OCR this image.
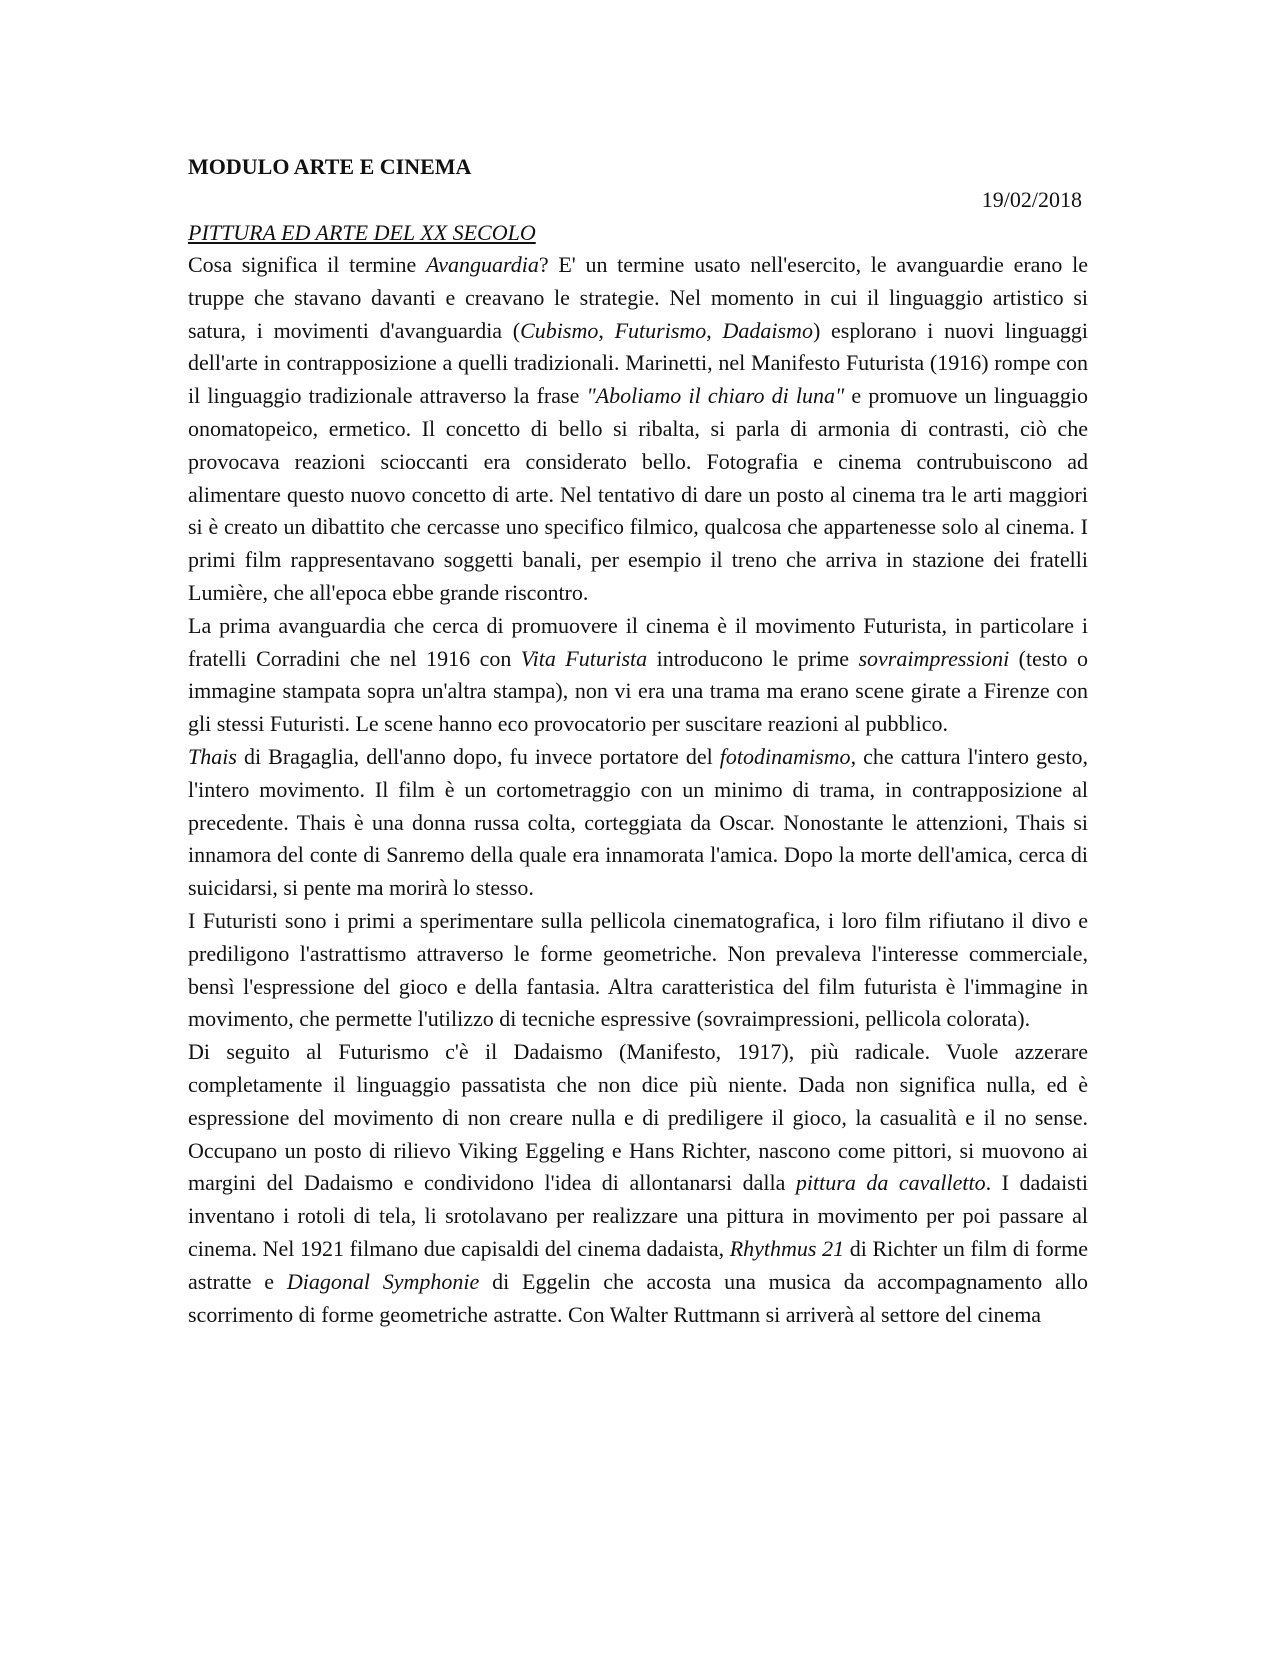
MODULO ARTE E CINEMA
19/02/2018
PITTURA ED ARTE DEL XX SECOLO

Cosa significa il termine Avanguardia? E' un termine usato nell'esercito, le avanguardie erano le truppe che stavano davanti e creavano le strategie. Nel momento in cui il linguaggio artistico si satura, i movimenti d'avanguardia (Cubismo, Futurismo, Dadaismo) esplorano i nuovi linguaggi dell'arte in contrapposizione a quelli tradizionali. Marinetti, nel Manifesto Futurista (1916) rompe con il linguaggio tradizionale attraverso la frase "Aboliamo il chiaro di luna" e promuove un linguaggio onomatopeico, ermetico. Il concetto di bello si ribalta, si parla di armonia di contrasti, ciò che provocava reazioni scioccanti era considerato bello. Fotografia e cinema contrubuiscono ad alimentare questo nuovo concetto di arte. Nel tentativo di dare un posto al cinema tra le arti maggiori si è creato un dibattito che cercasse uno specifico filmico, qualcosa che appartenesse solo al cinema. I primi film rappresentavano soggetti banali, per esempio il treno che arriva in stazione dei fratelli Lumière, che all'epoca ebbe grande riscontro.

La prima avanguardia che cerca di promuovere il cinema è il movimento Futurista, in particolare i fratelli Corradini che nel 1916 con Vita Futurista introducono le prime sovraimpressioni (testo o immagine stampata sopra un'altra stampa), non vi era una trama ma erano scene girate a Firenze con gli stessi Futuristi. Le scene hanno eco provocatorio per suscitare reazioni al pubblico.

Thais di Bragaglia, dell'anno dopo, fu invece portatore del fotodinamismo, che cattura l'intero gesto, l'intero movimento. Il film è un cortometraggio con un minimo di trama, in contrapposizione al precedente. Thais è una donna russa colta, corteggiata da Oscar. Nonostante le attenzioni, Thais si innamora del conte di Sanremo della quale era innamorata l'amica. Dopo la morte dell'amica, cerca di suicidarsi, si pente ma morirà lo stesso.

I Futuristi sono i primi a sperimentare sulla pellicola cinematografica, i loro film rifiutano il divo e prediligono l'astrattismo attraverso le forme geometriche. Non prevaleva l'interesse commerciale, bensì l'espressione del gioco e della fantasia. Altra caratteristica del film futurista è l'immagine in movimento, che permette l'utilizzo di tecniche espressive (sovraimpressioni, pellicola colorata).

Di seguito al Futurismo c'è il Dadaismo (Manifesto, 1917), più radicale. Vuole azzerare completamente il linguaggio passatista che non dice più niente. Dada non significa nulla, ed è espressione del movimento di non creare nulla e di prediligere il gioco, la casualità e il no sense. Occupano un posto di rilievo Viking Eggeling e Hans Richter, nascono come pittori, si muovono ai margini del Dadaismo e condividono l'idea di allontanarsi dalla pittura da cavalletto. I dadaisti inventano i rotoli di tela, li srotolavano per realizzare una pittura in movimento per poi passare al cinema. Nel 1921 filmano due capisaldi del cinema dadaista, Rhythmus 21 di Richter un film di forme astratte e Diagonal Symphonie di Eggelin che accosta una musica da accompagnamento allo scorrimento di forme geometriche astratte. Con Walter Ruttmann si arriverà al settore del cinema
